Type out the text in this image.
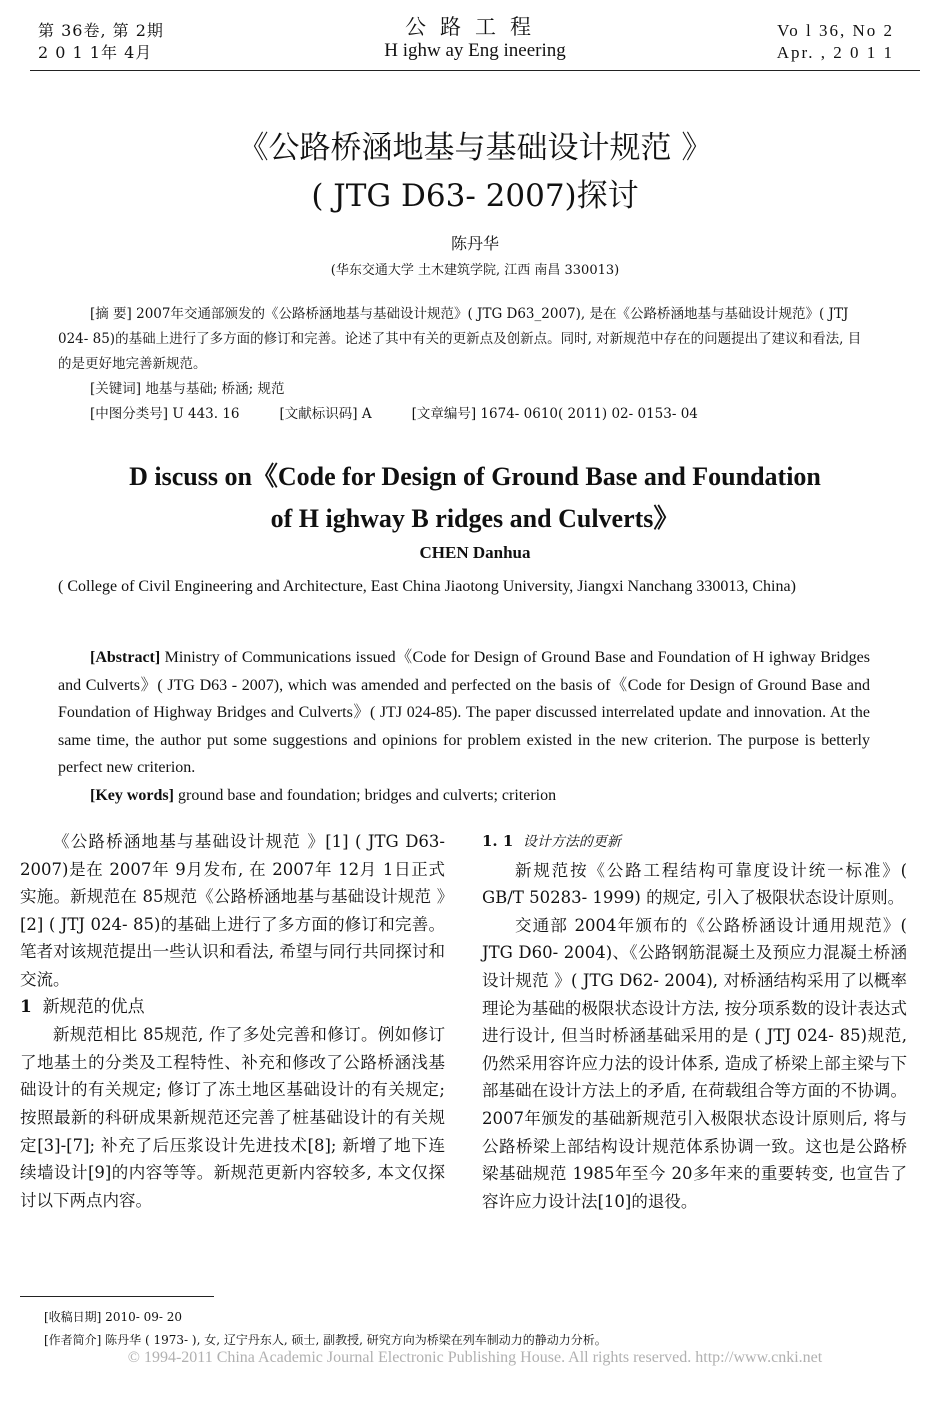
第 36卷, 第 2期
2 0 1 1年 4月
公路工程
H ighw ay Eng ineering
Vo l 36, No 2
Apr. , 2 0 1 1
《公路桥涵地基与基础设计规范 》
( JTG D63- 2007)探讨
陈丹华
(华东交通大学 土木建筑学院, 江西 南昌 330013)

[摘 要] 2007年交通部颁发的《公路桥涵地基与基础设计规范》( JTG D63_2007), 是在《公路桥涵地基与基础设计规范》( JTJ 024- 85)的基础上进行了多方面的修订和完善。论述了其中有关的更新点及创新点。同时, 对新规范中存在的问题提出了建议和看法, 目的是更好地完善新规范。

[关键词] 地基与基础; 桥涵; 规范

[中图分类号] U 443. 16	[文献标识码] A	[文章编号] 1674- 0610( 2011) 02- 0153- 04

D iscuss on《Code for Design of Ground Base and Foundation
of H ighway B ridges and Culverts》
CHEN Danhua
( College of Civil Engineering and Architecture, East China Jiaotong University, Jiangxi Nanchang 330013, China)

[Abstract] Ministry of Communications issued《Code for Design of Ground Base and Foundation of H ighway Bridges and Culverts》( JTG D63 - 2007), which was amended and perfected on the basis of《Code for Design of Ground Base and Foundation of Highway Bridges and Culverts》( JTJ 024-85). The paper discussed interrelated update and innovation. At the same time, the author put some suggestions and opinions for problem existed in the new criterion. The purpose is betterly perfect new criterion.

[Key words] ground base and foundation; bridges and culverts; criterion

《公路桥涵地基与基础设计规范 》[1] ( JTG D63- 2007)是在 2007年 9月发布, 在 2007年 12月 1日正式实施。新规范在 85规范《公路桥涵地基与基础设计规范 》[2] ( JTJ 024- 85)的基础上进行了多方面的修订和完善。笔者对该规范提出一些认识和看法, 希望与同行共同探讨和交流。

1 新规范的优点

新规范相比 85规范, 作了多处完善和修订。例如修订了地基土的分类及工程特性、补充和修改了公路桥涵浅基础设计的有关规定; 修订了冻土地区基础设计的有关规定; 按照最新的科研成果新规范还完善了桩基础设计的有关规定[3]-[7]; 补充了后压浆设计先进技术[8]; 新增了地下连续墙设计[9]的内容等等。新规范更新内容较多, 本文仅探讨以下两点内容。

1. 1 设计方法的更新

新规范按《公路工程结构可靠度设计统一标准》( GB/T 50283- 1999) 的规定, 引入了极限状态设计原则。

交通部 2004年颁布的《公路桥涵设计通用规范》( JTG D60- 2004)、《公路钢筋混凝土及预应力混凝土桥涵设计规范 》( JTG D62- 2004), 对桥涵结构采用了以概率理论为基础的极限状态设计方法, 按分项系数的设计表达式进行设计, 但当时桥涵基础采用的是 ( JTJ 024- 85)规范, 仍然采用容许应力法的设计体系, 造成了桥梁上部主梁与下部基础在设计方法上的矛盾, 在荷载组合等方面的不协调。2007年颁发的基础新规范引入极限状态设计原则后, 将与公路桥梁上部结构设计规范体系协调一致。这也是公路桥梁基础规范 1985年至今 20多年来的重要转变, 也宣告了容许应力设计法[10]的退役。

[收稿日期] 2010- 09- 20
[作者简介] 陈丹华 ( 1973- ), 女, 辽宁丹东人, 硕士, 副教授, 研究方向为桥梁在列车制动力的静动力分析。
© 1994-2011 China Academic Journal Electronic Publishing House. All rights reserved. http://www.cnki.net
